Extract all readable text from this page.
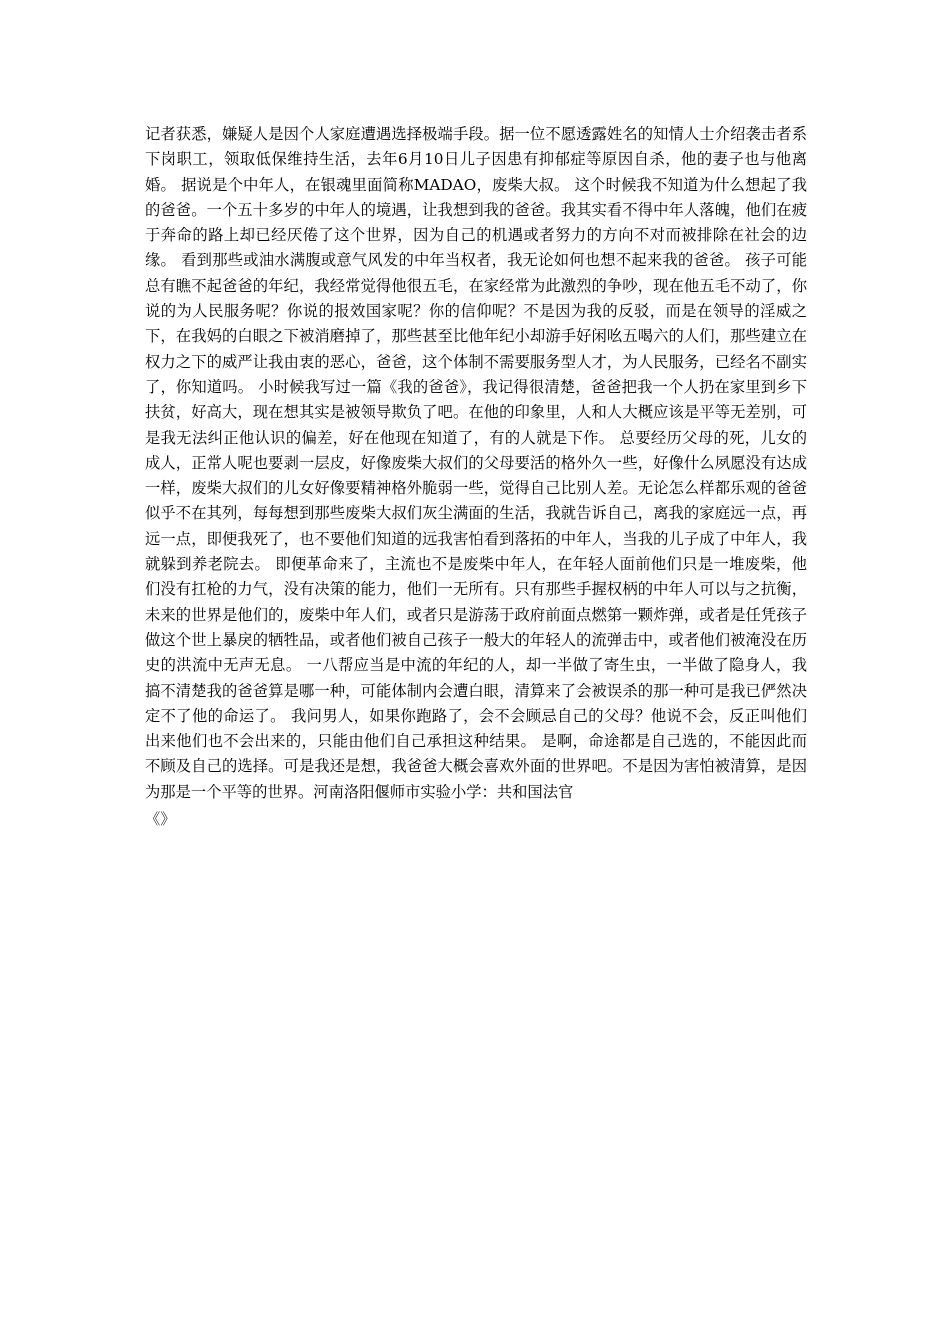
记者获悉，嫌疑人是因个人家庭遭遇选择极端手段。据一位不愿透露姓名的知情人士介绍袭击者系下岗职工，领取低保维持生活，去年6月10日儿子因患有抑郁症等原因自杀，他的妻子也与他离婚。 据说是个中年人，在银魂里面简称MADAO，废柴大叔。 这个时候我不知道为什么想起了我的爸爸。一个五十多岁的中年人的境遇，让我想到我的爸爸。我其实看不得中年人落魄，他们在疲于奔命的路上却已经厌倦了这个世界，因为自己的机遇或者努力的方向不对而被排除在社会的边缘。 看到那些或油水满腹或意气风发的中年当权者，我无论如何也想不起来我的爸爸。 孩子可能总有瞧不起爸爸的年纪，我经常觉得他很五毛，在家经常为此激烈的争吵，现在他五毛不动了，你说的为人民服务呢？你说的报效国家呢？你的信仰呢？不是因为我的反驳，而是在领导的淫威之下，在我妈的白眼之下被消磨掉了，那些甚至比他年纪小却游手好闲吆五喝六的人们，那些建立在权力之下的威严让我由衷的恶心，爸爸，这个体制不需要服务型人才，为人民服务，已经名不副实了，你知道吗。 小时候我写过一篇《我的爸爸》，我记得很清楚，爸爸把我一个人扔在家里到乡下扶贫，好高大，现在想其实是被领导欺负了吧。在他的印象里，人和人大概应该是平等无差别，可是我无法纠正他认识的偏差，好在他现在知道了，有的人就是下作。 总要经历父母的死，儿女的成人，正常人呢也要剥一层皮，好像废柴大叔们的父母要活的格外久一些，好像什么夙愿没有达成一样，废柴大叔们的儿女好像要精神格外脆弱一些，觉得自己比别人差。无论怎么样都乐观的爸爸似乎不在其列，每每想到那些废柴大叔们灰尘满面的生活，我就告诉自己，离我的家庭远一点，再远一点，即便我死了，也不要他们知道的远我害怕看到落拓的中年人，当我的儿子成了中年人，我就躲到养老院去。 即便革命来了，主流也不是废柴中年人，在年轻人面前他们只是一堆废柴，他们没有扛枪的力气，没有决策的能力，他们一无所有。只有那些手握权柄的中年人可以与之抗衡，未来的世界是他们的，废柴中年人们，或者只是游荡于政府前面点燃第一颗炸弹，或者是任凭孩子做这个世上暴戾的牺牲品，或者他们被自己孩子一般大的年轻人的流弹击中，或者他们被淹没在历史的洪流中无声无息。 一八帮应当是中流的年纪的人，却一半做了寄生虫，一半做了隐身人，我搞不清楚我的爸爸算是哪一种，可能体制内会遭白眼，清算来了会被误杀的那一种可是我已俨然决定不了他的命运了。 我问男人，如果你跑路了，会不会顾忌自己的父母？他说不会，反正叫他们出来他们也不会出来的，只能由他们自己承担这种结果。 是啊，命途都是自己选的，不能因此而不顾及自己的选择。可是我还是想，我爸爸大概会喜欢外面的世界吧。不是因为害怕被清算，是因为那是一个平等的世界。河南洛阳偃师市实验小学：共和国法官

《》
